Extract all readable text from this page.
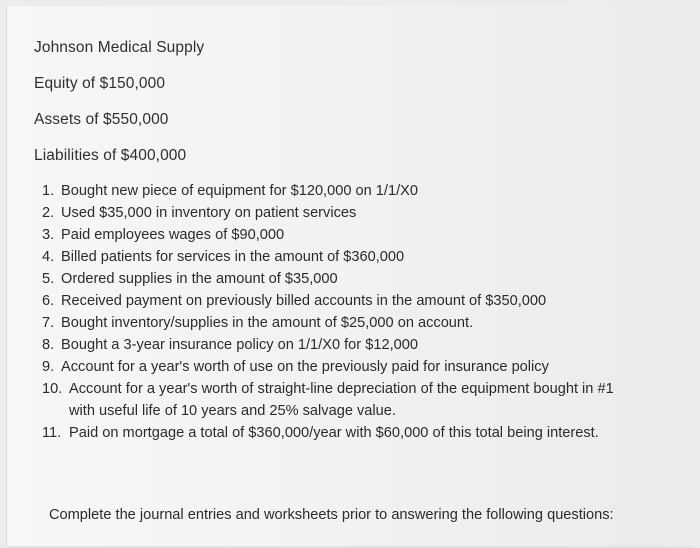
Johnson Medical Supply
Equity of $150,000
Assets of $550,000
Liabilities of $400,000
1. Bought new piece of equipment for $120,000 on 1/1/X0
2. Used $35,000 in inventory on patient services
3. Paid employees wages of $90,000
4. Billed patients for services in the amount of $360,000
5. Ordered supplies in the amount of $35,000
6. Received payment on previously billed accounts in the amount of $350,000
7. Bought inventory/supplies in the amount of $25,000 on account.
8. Bought a 3-year insurance policy on 1/1/X0 for $12,000
9. Account for a year's worth of use on the previously paid for insurance policy
10. Account for a year's worth of straight-line depreciation of the equipment bought in #1
with useful life of 10 years and 25% salvage value.
11. Paid on mortgage a total of $360,000/year with $60,000 of this total being interest.
Complete the journal entries and worksheets prior to answering the following questions:
